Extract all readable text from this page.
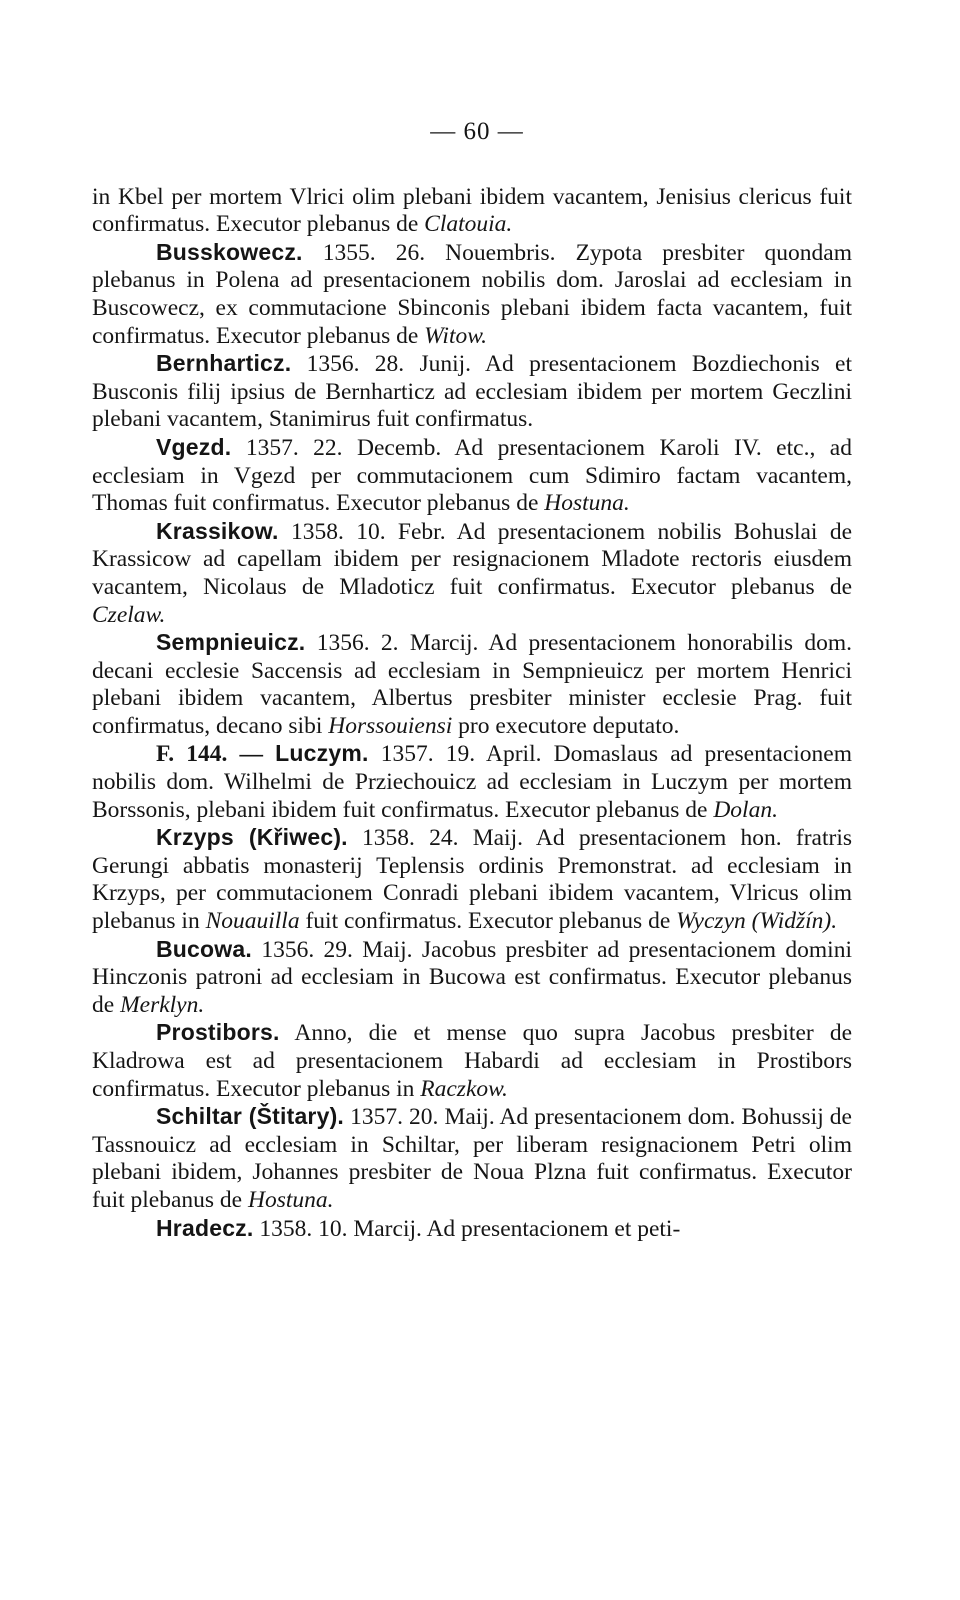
— 60 —

in Kbel per mortem Vlrici olim plebani ibidem vacantem, Jenisius clericus fuit confirmatus. Executor plebanus de Clatouia.

Busskowecz. 1355. 26. Nouembris. Zypota presbiter quondam plebanus in Polena ad presentacionem nobilis dom. Jaroslai ad ecclesiam in Buscowecz, ex commutacione Sbinconis plebani ibidem facta vacantem, fuit confirmatus. Executor plebanus de Witow.

Bernharticz. 1356. 28. Junij. Ad presentacionem Bozdiechonis et Busconis filij ipsius de Bernharticz ad ecclesiam ibidem per mortem Geczlini plebani vacantem, Stanimirus fuit confirmatus.

Vgezd. 1357. 22. Decemb. Ad presentacionem Karoli IV. etc., ad ecclesiam in Vgezd per commutacionem cum Sdimiro factam vacantem, Thomas fuit confirmatus. Executor plebanus de Hostuna.

Krassikow. 1358. 10. Febr. Ad presentacionem nobilis Bohuslai de Krassicow ad capellam ibidem per resignacionem Mladote rectoris eiusdem vacantem, Nicolaus de Mladoticz fuit confirmatus. Executor plebanus de Czelaw.

Sempnieuicz. 1356. 2. Marcij. Ad presentacionem honorabilis dom. decani ecclesie Saccensis ad ecclesiam in Sempnieuicz per mortem Henrici plebani ibidem vacantem, Albertus presbiter minister ecclesie Prag. fuit confirmatus, decano sibi Horssouiensi pro executore deputato.

F. 144. — Luczym. 1357. 19. April. Domaslaus ad presentacionem nobilis dom. Wilhelmi de Prziechouicz ad ecclesiam in Luczym per mortem Borssonis, plebani ibidem fuit confirmatus. Executor plebanus de Dolan.

Krzyps (Křiwec). 1358. 24. Maij. Ad presentacionem hon. fratris Gerungi abbatis monasterij Teplensis ordinis Premonstrat. ad ecclesiam in Krzyps, per commutacionem Conradi plebani ibidem vacantem, Vlricus olim plebanus in Nouauilla fuit confirmatus. Executor plebanus de Wyczyn (Widžín).

Bucowa. 1356. 29. Maij. Jacobus presbiter ad presentacionem domini Hinczonis patroni ad ecclesiam in Bucowa est confirmatus. Executor plebanus de Merklyn.

Prostibors. Anno, die et mense quo supra Jacobus presbiter de Kladrowa est ad presentacionem Habardi ad ecclesiam in Prostibors confirmatus. Executor plebanus in Raczkow.

Schiltar (Štitary). 1357. 20. Maij. Ad presentacionem dom. Bohussij de Tassnouicz ad ecclesiam in Schiltar, per liberam resignacionem Petri olim plebani ibidem, Johannes presbiter de Noua Plzna fuit confirmatus. Executor fuit plebanus de Hostuna.

Hradecz. 1358. 10. Marcij. Ad presentacionem et peti-
